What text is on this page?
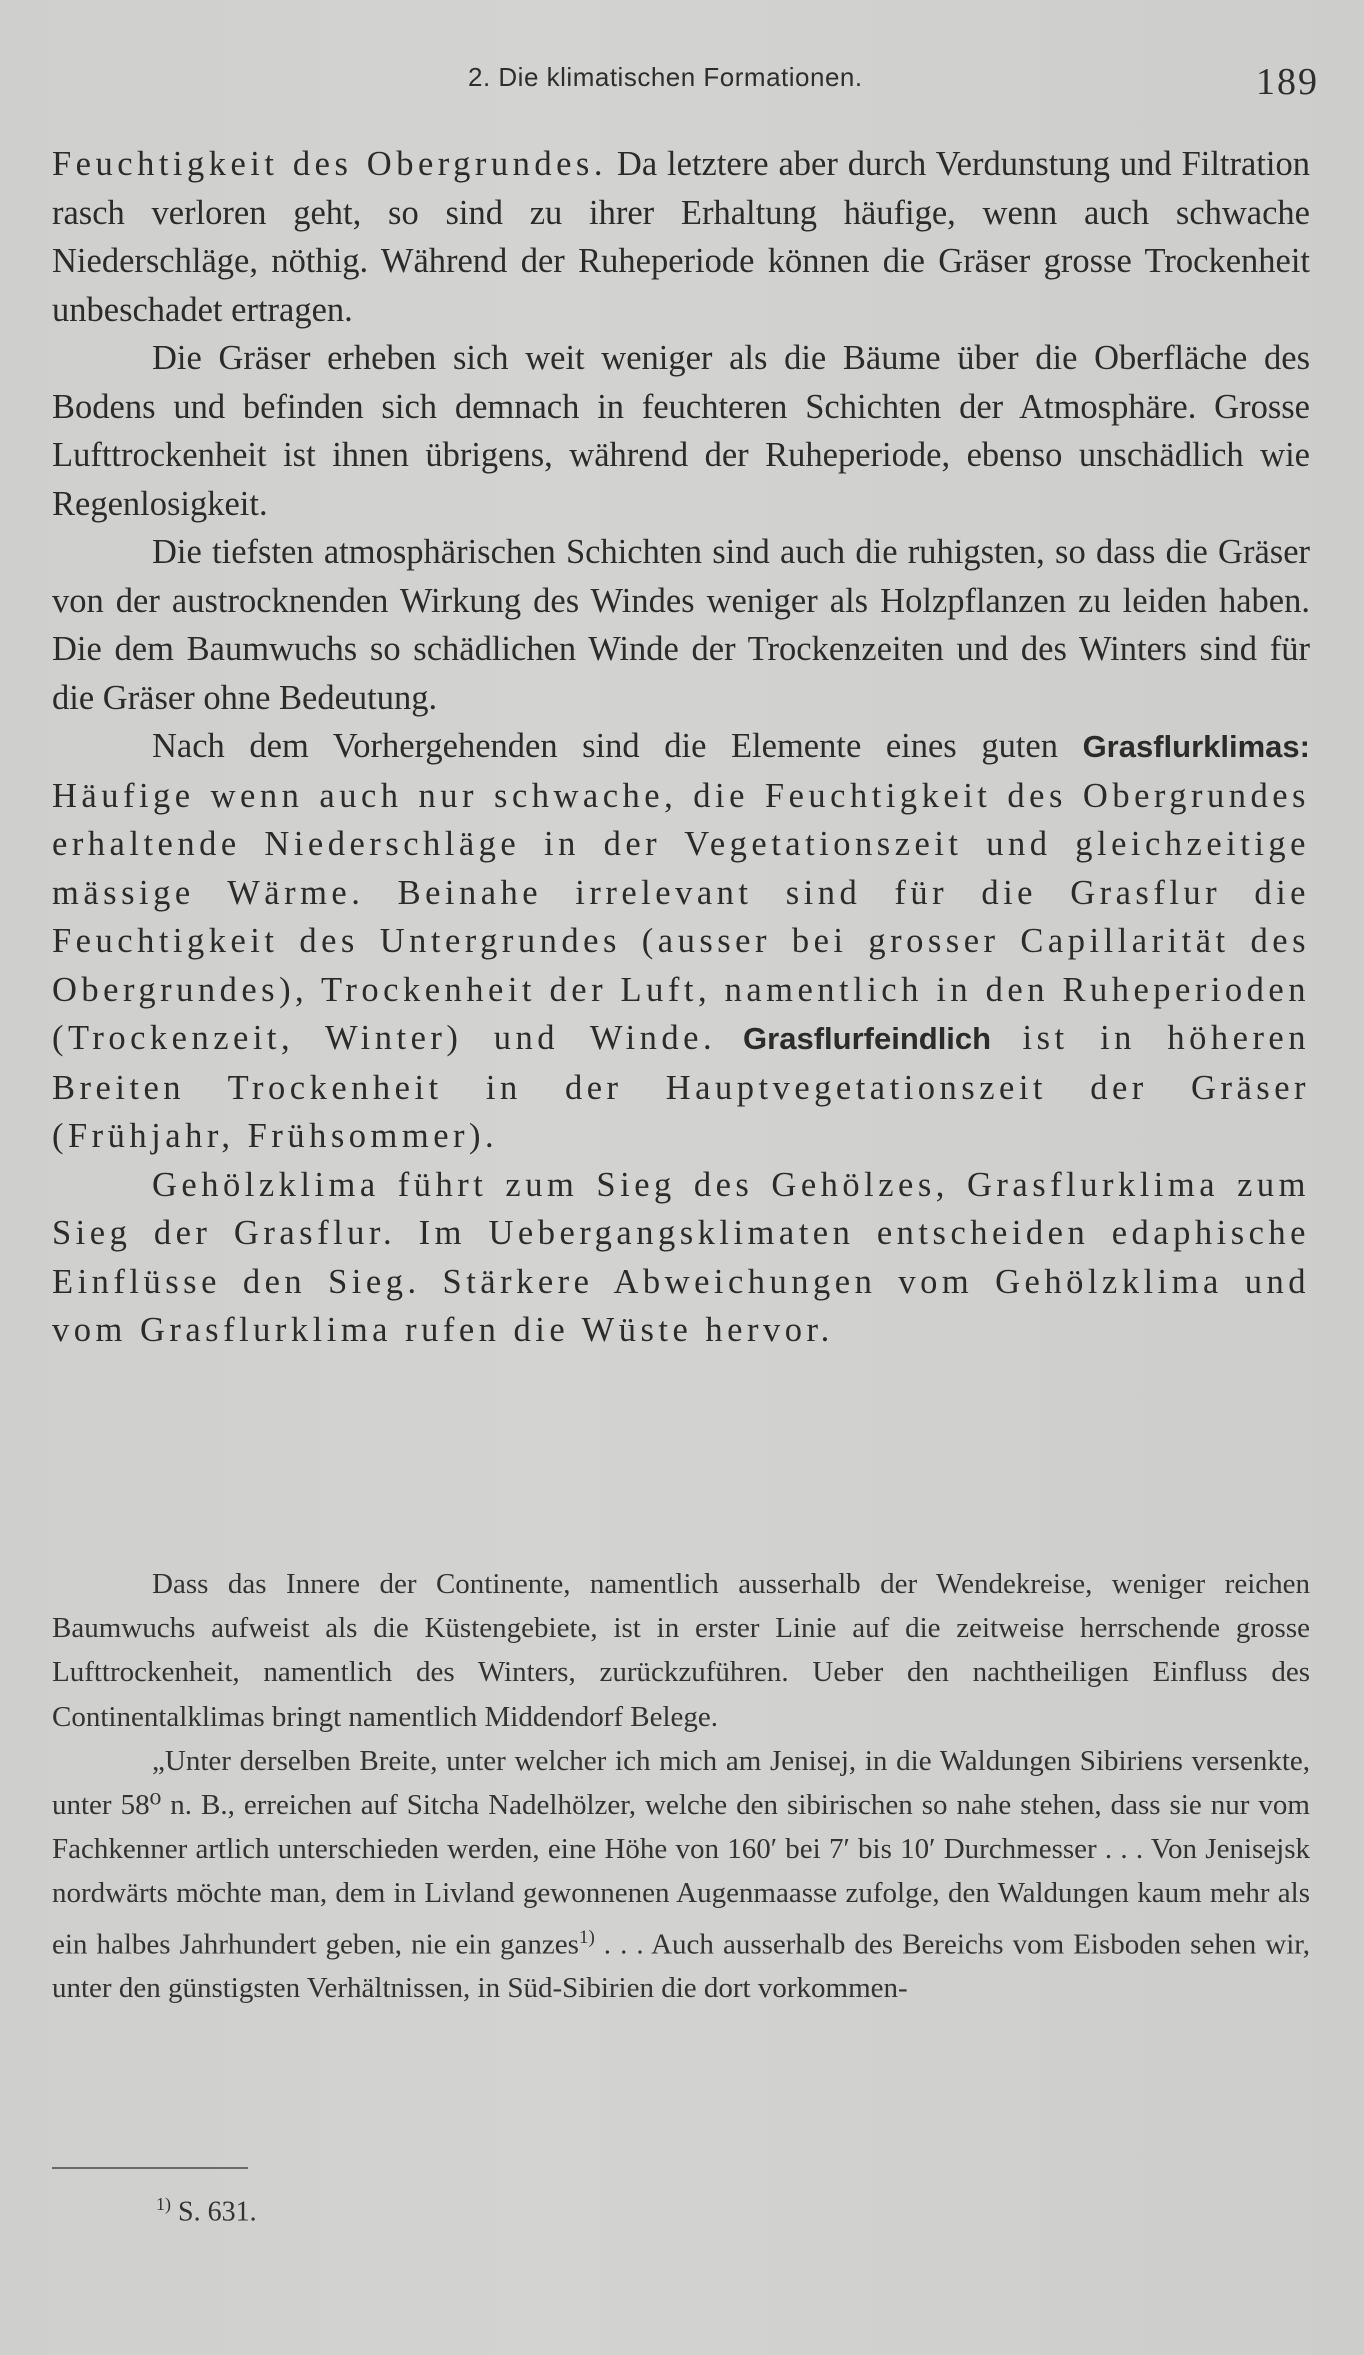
2. Die klimatischen Formationen.	189

Feuchtigkeit des Obergrundes. Da letztere aber durch Verdunstung und Filtration rasch verloren geht, so sind zu ihrer Erhaltung häufige, wenn auch schwache Niederschläge, nöthig. Während der Ruheperiode können die Gräser grosse Trockenheit unbeschadet ertragen.

Die Gräser erheben sich weit weniger als die Bäume über die Oberfläche des Bodens und befinden sich demnach in feuchteren Schichten der Atmosphäre. Grosse Lufttrockenheit ist ihnen übrigens, während der Ruheperiode, ebenso unschädlich wie Regenlosigkeit.

Die tiefsten atmosphärischen Schichten sind auch die ruhigsten, so dass die Gräser von der austrocknenden Wirkung des Windes weniger als Holzpflanzen zu leiden haben. Die dem Baumwuchs so schädlichen Winde der Trockenzeiten und des Winters sind für die Gräser ohne Bedeutung.

Nach dem Vorhergehenden sind die Elemente eines guten Grasflurklimas: Häufige wenn auch nur schwache, die Feuchtigkeit des Obergrundes erhaltende Niederschläge in der Vegetationszeit und gleichzeitige mässige Wärme. Beinahe irrelevant sind für die Grasflur die Feuchtigkeit des Untergrundes (ausser bei grosser Capillarität des Obergrundes), Trockenheit der Luft, namentlich in den Ruheperioden (Trockenzeit, Winter) und Winde. Grasflurfeindlich ist in höheren Breiten Trockenheit in der Hauptvegetationszeit der Gräser (Frühjahr, Frühsommer).

Gehölzklima führt zum Sieg des Gehölzes, Grasflurklima zum Sieg der Grasflur. Im Uebergangsklimaten entscheiden edaphische Einflüsse den Sieg. Stärkere Abweichungen vom Gehölzklima und vom Grasflurklima rufen die Wüste hervor.

Dass das Innere der Continente, namentlich ausserhalb der Wendekreise, weniger reichen Baumwuchs aufweist als die Küstengebiete, ist in erster Linie auf die zeitweise herrschende grosse Lufttrockenheit, namentlich des Winters, zurückzuführen. Ueber den nachtheiligen Einfluss des Continentalklimas bringt namentlich Middendorf Belege.

„Unter derselben Breite, unter welcher ich mich am Jenisej, in die Waldungen Sibiriens versenkte, unter 58⁰ n. B., erreichen auf Sitcha Nadelhölzer, welche den sibirischen so nahe stehen, dass sie nur vom Fachkenner artlich unterschieden werden, eine Höhe von 160′ bei 7′ bis 10′ Durchmesser . . . Von Jenisejsk nordwärts möchte man, dem in Livland gewonnenen Augenmaasse zufolge, den Waldungen kaum mehr als ein halbes Jahrhundert geben, nie ein ganzes$^{1)}$ . . . Auch ausserhalb des Bereichs vom Eisboden sehen wir, unter den günstigsten Verhältnissen, in Süd-Sibirien die dort vorkommen-

$^{1)}$ S. 631.
